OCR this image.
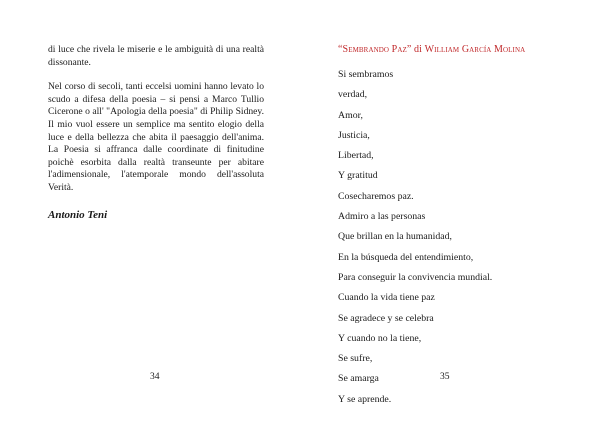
di luce che rivela le miserie e le ambiguità di una realtà dissonante.

Nel corso di secoli, tanti eccelsi uomini hanno levato lo scudo a difesa della poesia – si pensi a Marco Tullio Cicerone o all' "Apologia della poesia" di Philip Sidney. Il mio vuol essere un semplice ma sentito elogio della luce e della bellezza che abita il paesaggio dell'anima. La Poesia si affranca dalle coordinate di finitudine poichè esorbita dalla realtà transeunte per abitare l'adimensionale, l'atemporale mondo dell'assoluta Verità.

Antonio Teni
“Sembrando Paz” di William García Molina

Si sembramos

verdad,

Amor,

Justicia,

Libertad,

Y gratitud

Cosecharemos paz.

Admiro a las personas

Que brillan en la humanidad,

En la búsqueda del entendimiento,

Para conseguir la convivencia mundial.

Cuando la vida tiene paz

Se agradece y se celebra

Y cuando no la tiene,

Se sufre,

Se amarga

Y se aprende.

34	35
